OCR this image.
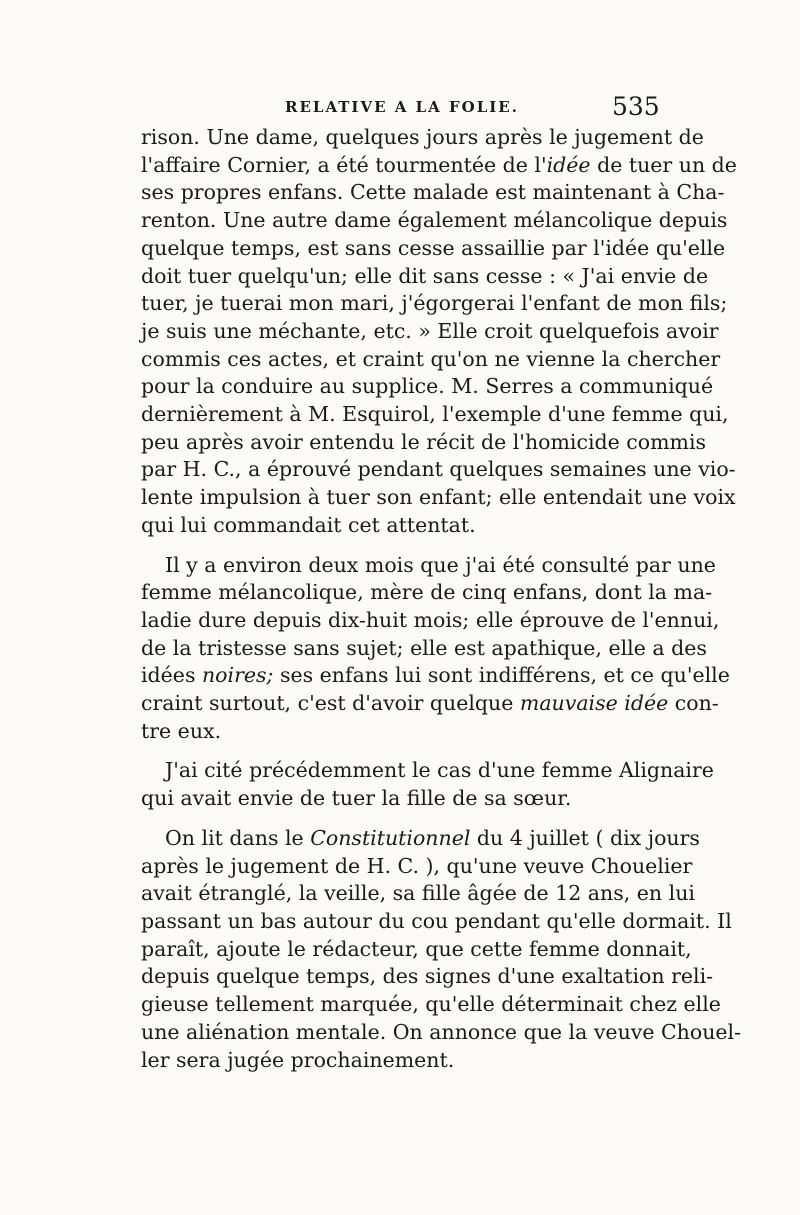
RELATIVE A LA FOLIE.	535
rison. Une dame, quelques jours après le jugement de
l'affaire Cornier, a été tourmentée de l'idée de tuer un de
ses propres enfans. Cette malade est maintenant à Cha-
renton. Une autre dame également mélancolique depuis
quelque temps, est sans cesse assaillie par l'idée qu'elle
doit tuer quelqu'un; elle dit sans cesse : « J'ai envie de
tuer, je tuerai mon mari, j'égorgerai l'enfant de mon fils;
je suis une méchante, etc. » Elle croit quelquefois avoir
commis ces actes, et craint qu'on ne vienne la chercher
pour la conduire au supplice. M. Serres a communiqué
dernièrement à M. Esquirol, l'exemple d'une femme qui,
peu après avoir entendu le récit de l'homicide commis
par H. C., a éprouvé pendant quelques semaines une vio-
lente impulsion à tuer son enfant; elle entendait une voix
qui lui commandait cet attentat.
Il y a environ deux mois que j'ai été consulté par une
femme mélancolique, mère de cinq enfans, dont la ma-
ladie dure depuis dix-huit mois; elle éprouve de l'ennui,
de la tristesse sans sujet; elle est apathique, elle a des
idées noires; ses enfans lui sont indifférens, et ce qu'elle
craint surtout, c'est d'avoir quelque mauvaise idée con-
tre eux.
J'ai cité précédemment le cas d'une femme Alignaire
qui avait envie de tuer la fille de sa sœur.
On lit dans le Constitutionnel du 4 juillet ( dix jours
après le jugement de H. C. ), qu'une veuve Chouelier
avait étranglé, la veille, sa fille âgée de 12 ans, en lui
passant un bas autour du cou pendant qu'elle dormait. Il
paraît, ajoute le rédacteur, que cette femme donnait,
depuis quelque temps, des signes d'une exaltation reli-
gieuse tellement marquée, qu'elle déterminait chez elle
une aliénation mentale. On annonce que la veuve Chouel-
ler sera jugée prochainement.
